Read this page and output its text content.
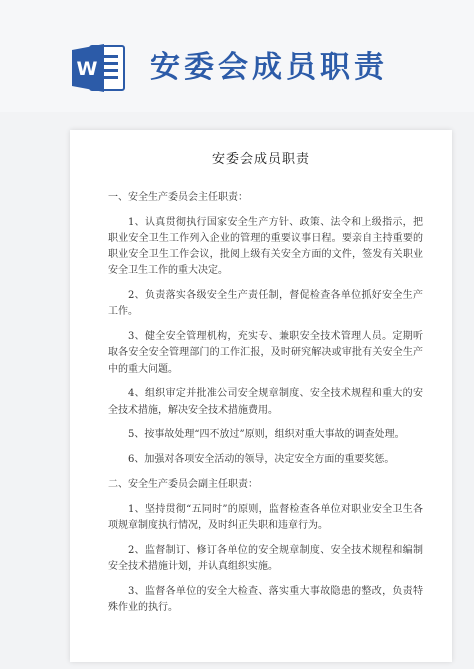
W 安委会成员职责
安委会成员职责

一、安全生产委员会主任职责：

1、认真贯彻执行国家安全生产方针、政策、法令和上级指示，把职业安全卫生工作列入企业的管理的重要议事日程。要亲自主持重要的职业安全卫生工作会议，批阅上级有关安全方面的文件，签发有关职业安全卫生工作的重大决定。

2、负责落实各级安全生产责任制，督促检查各单位抓好安全生产工作。

3、健全安全管理机构，充实专、兼职安全技术管理人员。定期听取各安全安全管理部门的工作汇报，及时研究解决或审批有关安全生产中的重大问题。

4、组织审定并批准公司安全规章制度、安全技术规程和重大的安全技术措施，解决安全技术措施费用。

5、按事故处理“四不放过”原则，组织对重大事故的调查处理。

6、加强对各项安全活动的领导，决定安全方面的重要奖惩。

二、安全生产委员会副主任职责：

1、坚持贯彻“五同时”的原则，监督检查各单位对职业安全卫生各项规章制度执行情况，及时纠正失职和违章行为。

2、监督制订、修订各单位的安全规章制度、安全技术规程和编制安全技术措施计划，并认真组织实施。

3、监督各单位的安全大检查、落实重大事故隐患的整改，负责特殊作业的执行。
